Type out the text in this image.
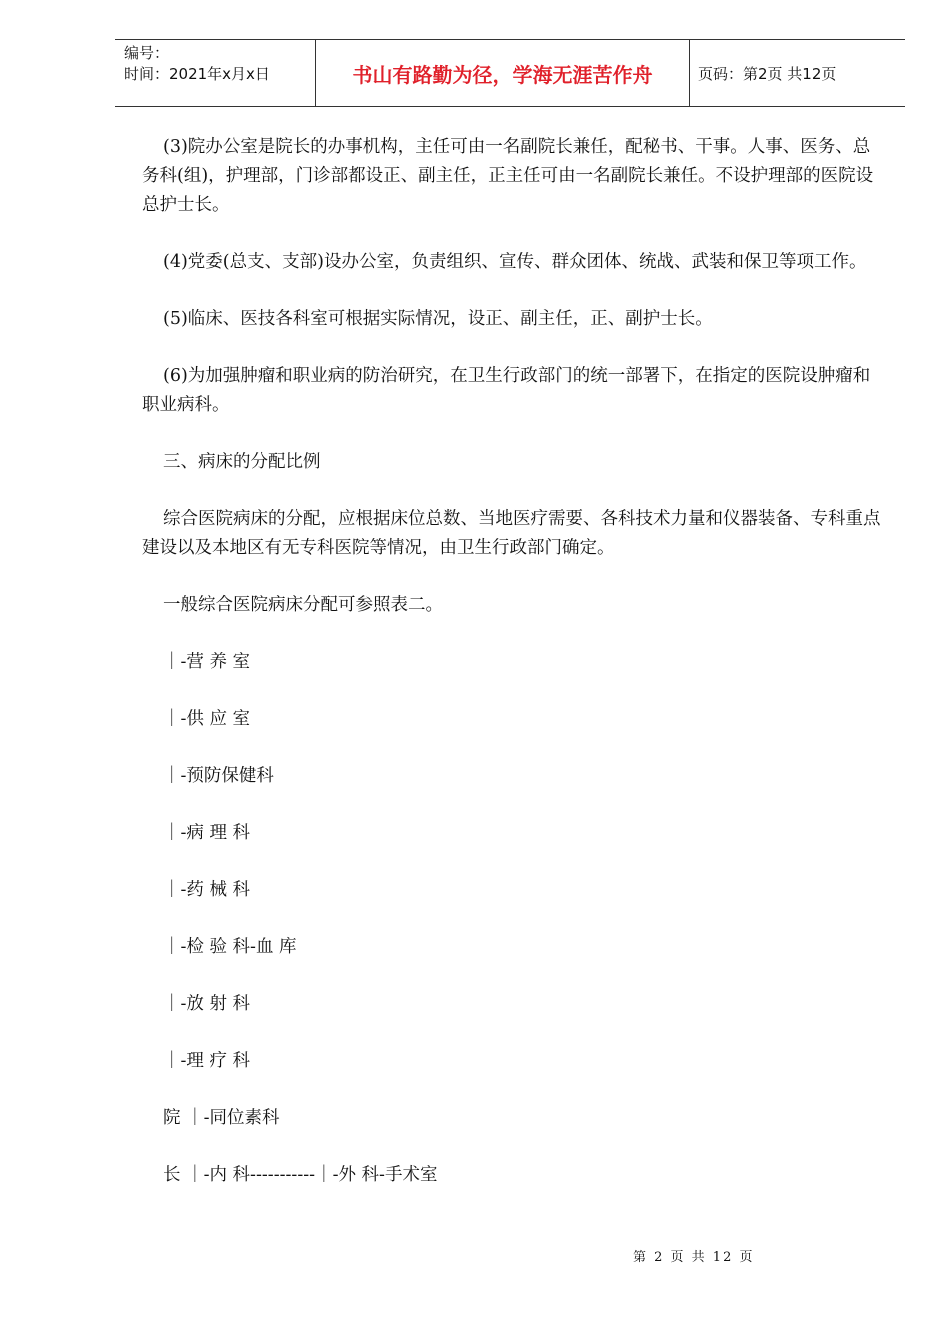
编号：
时间：2021年x月x日	书山有路勤为径，学海无涯苦作舟	页码：第2页 共12页

(3)院办公室是院长的办事机构，主任可由一名副院长兼任，配秘书、干事。人事、医务、总务科(组)，护理部，门诊部都设正、副主任，正主任可由一名副院长兼任。不设护理部的医院设总护士长。

(4)党委(总支、支部)设办公室，负责组织、宣传、群众团体、统战、武装和保卫等项工作。

(5)临床、医技各科室可根据实际情况，设正、副主任，正、副护士长。

(6)为加强肿瘤和职业病的防治研究，在卫生行政部门的统一部署下，在指定的医院设肿瘤和职业病科。

三、病床的分配比例

综合医院病床的分配，应根据床位总数、当地医疗需要、各科技术力量和仪器装备、专科重点建设以及本地区有无专科医院等情况，由卫生行政部门确定。

一般综合医院病床分配可参照表二。

｜-营 养 室

｜-供 应 室

｜-预防保健科

｜-病 理 科

｜-药 械 科

｜-检 验 科-血 库

｜-放 射 科

｜-理 疗 科

院 ｜-同位素科

长 ｜-内 科-----------｜-外 科-手术室

第 2 页 共 12 页
